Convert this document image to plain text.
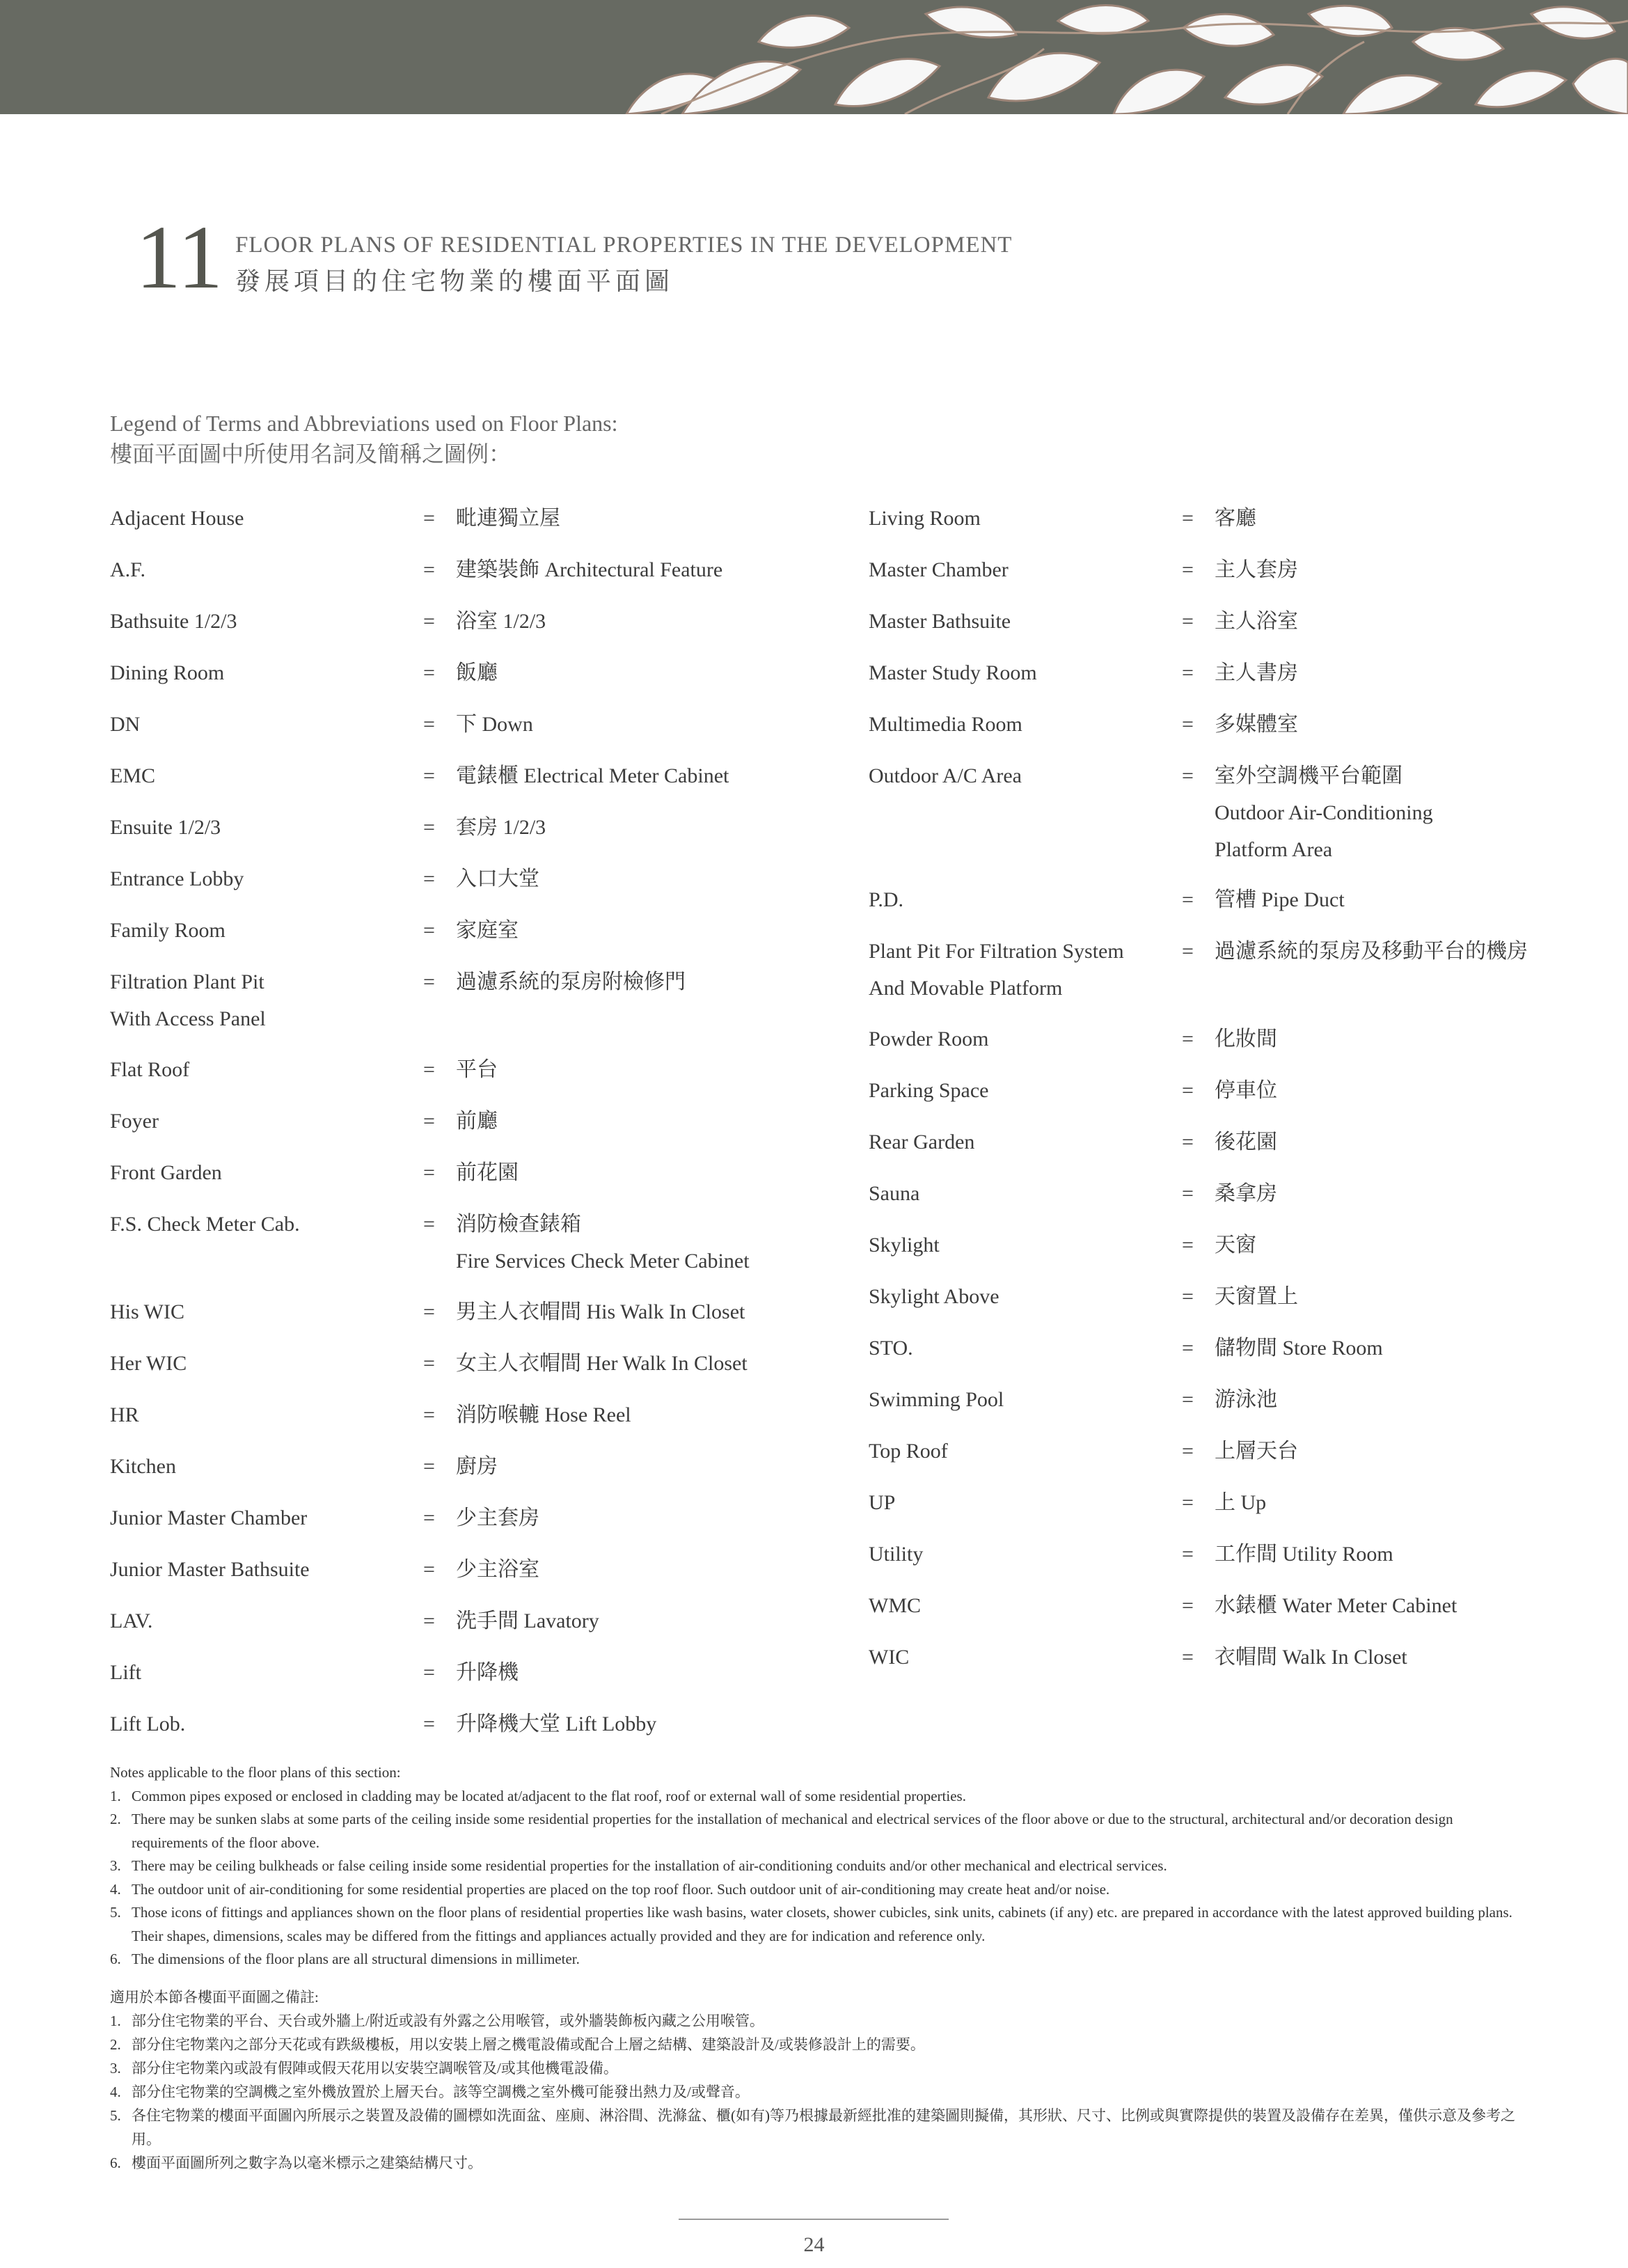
11 FLOOR PLANS OF RESIDENTIAL PROPERTIES IN THE DEVELOPMENT
發展項目的住宅物業的樓面平面圖
Legend of Terms and Abbreviations used on Floor Plans:
樓面平面圖中所使用名詞及簡稱之圖例：
Adjacent House	= 毗連獨立屋
A.F.	= 建築裝飾 Architectural Feature
Bathsuite 1/2/3	= 浴室 1/2/3
Dining Room	= 飯廳
DN	= 下 Down
EMC	= 電錶櫃 Electrical Meter Cabinet
Ensuite 1/2/3	= 套房 1/2/3
Entrance Lobby	= 入口大堂
Family Room	= 家庭室
Filtration Plant Pit
With Access Panel
= 過濾系統的泵房附檢修門
Flat Roof	= 平台
Foyer	= 前廳
Front Garden	= 前花園
F.S. Check Meter Cab.	= 消防檢查錶箱
Fire Services Check Meter Cabinet
His WIC	= 男主人衣帽間 His Walk In Closet
Her WIC	= 女主人衣帽間 Her Walk In Closet
HR	= 消防喉轆 Hose Reel
Kitchen	= 廚房
Junior Master Chamber	= 少主套房
Junior Master Bathsuite	= 少主浴室
LAV.	= 洗手間 Lavatory
Lift	= 升降機
Lift Lob.	= 升降機大堂 Lift Lobby
Living Room	= 客廳
Master Chamber	= 主人套房
Master Bathsuite	= 主人浴室
Master Study Room	= 主人書房
Multimedia Room	= 多媒體室
Outdoor A/C Area	= 室外空調機平台範圍
Outdoor Air-Conditioning
Platform Area
P.D.	= 管槽 Pipe Duct
Plant Pit For Filtration System
And Movable Platform
= 過濾系統的泵房及移動平台的機房
Powder Room	= 化妝間
Parking Space	= 停車位
Rear Garden	= 後花園
Sauna	= 桑拿房
Skylight	= 天窗
Skylight Above	= 天窗置上
STO.	= 儲物間 Store Room
Swimming Pool	= 游泳池
Top Roof	= 上層天台
UP	= 上 Up
Utility	= 工作間 Utility Room
WMC	= 水錶櫃 Water Meter Cabinet
WIC	= 衣帽間 Walk In Closet
Notes applicable to the floor plans of this section:
1. Common pipes exposed or enclosed in cladding may be located at/adjacent to the flat roof, roof or external wall of some residential properties.
2. There may be sunken slabs at some parts of the ceiling inside some residential properties for the installation of mechanical and electrical services of the floor above or due to the structural, architectural and/or decoration design requirements of the floor above.
3. There may be ceiling bulkheads or false ceiling inside some residential properties for the installation of air-conditioning conduits and/or other mechanical and electrical services.
4. The outdoor unit of air-conditioning for some residential properties are placed on the top roof floor. Such outdoor unit of air-conditioning may create heat and/or noise.
5. Those icons of fittings and appliances shown on the floor plans of residential properties like wash basins, water closets, shower cubicles, sink units, cabinets (if any) etc. are prepared in accordance with the latest approved building plans. Their shapes, dimensions, scales may be differed from the fittings and appliances actually provided and they are for indication and reference only.
6. The dimensions of the floor plans are all structural dimensions in millimeter.
適用於本節各樓面平面圖之備註:
1. 部分住宅物業的平台、天台或外牆上/附近或設有外露之公用喉管，或外牆裝飾板內藏之公用喉管。
2. 部分住宅物業內之部分天花或有跌級樓板，用以安裝上層之機電設備或配合上層之結構、建築設計及/或裝修設計上的需要。
3. 部分住宅物業內或設有假陣或假天花用以安裝空調喉管及/或其他機電設備。
4. 部分住宅物業的空調機之室外機放置於上層天台。該等空調機之室外機可能發出熱力及/或聲音。
5. 各住宅物業的樓面平面圖內所展示之裝置及設備的圖標如洗面盆、座廁、淋浴間、洗滌盆、櫃(如有)等乃根據最新經批准的建築圖則擬備，其形狀、尺寸、比例或與實際提供的裝置及設備存在差異，僅供示意及參考之用。
6. 樓面平面圖所列之數字為以毫米標示之建築結構尺寸。
24
